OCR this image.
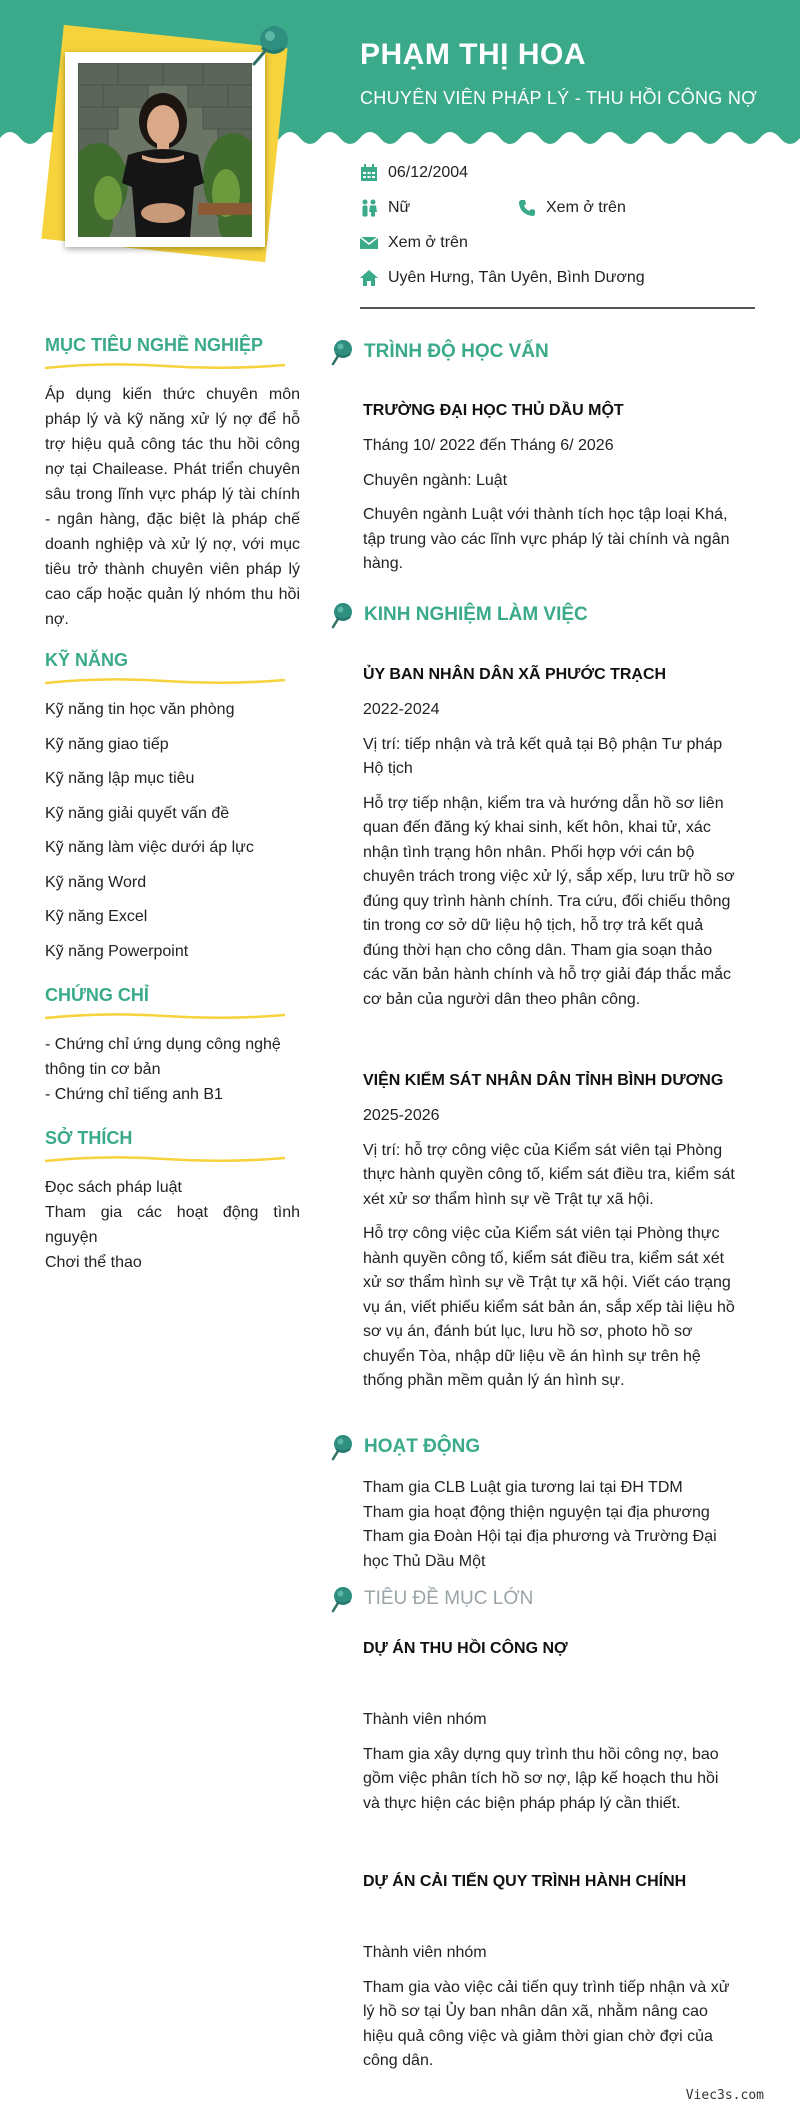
PHẠM THỊ HOA
CHUYÊN VIÊN PHÁP LÝ - THU HỒI CÔNG NỢ
06/12/2004
Nữ	Xem ở trên
Xem ở trên
Uyên Hưng, Tân Uyên, Bình Dương
MỤC TIÊU NGHỀ NGHIỆP
Áp dụng kiến thức chuyên môn pháp lý và kỹ năng xử lý nợ để hỗ trợ hiệu quả công tác thu hồi công nợ tại Chailease. Phát triển chuyên sâu trong lĩnh vực pháp lý tài chính - ngân hàng, đặc biệt là pháp chế doanh nghiệp và xử lý nợ, với mục tiêu trở thành chuyên viên pháp lý cao cấp hoặc quản lý nhóm thu hồi nợ.
KỸ NĂNG
Kỹ năng tin học văn phòng
Kỹ năng giao tiếp
Kỹ năng lập mục tiêu
Kỹ năng giải quyết vấn đề
Kỹ năng làm việc dưới áp lực
Kỹ năng Word
Kỹ năng Excel
Kỹ năng Powerpoint
CHỨNG CHỈ
- Chứng chỉ ứng dụng công nghệ thông tin cơ bản
- Chứng chỉ tiếng anh B1
SỞ THÍCH
Đọc sách pháp luật
Tham gia các hoạt động tình nguyện
Chơi thể thao
TRÌNH ĐỘ HỌC VẤN
TRƯỜNG ĐẠI HỌC THỦ DẦU MỘT
Tháng 10/ 2022 đến Tháng 6/ 2026
Chuyên ngành: Luật
Chuyên ngành Luật với thành tích học tập loại Khá, tập trung vào các lĩnh vực pháp lý tài chính và ngân hàng.
KINH NGHIỆM LÀM VIỆC
ỦY BAN NHÂN DÂN XÃ PHƯỚC TRẠCH
2022-2024
Vị trí: tiếp nhận và trả kết quả tại Bộ phận Tư pháp Hộ tịch
Hỗ trợ tiếp nhận, kiểm tra và hướng dẫn hồ sơ liên quan đến đăng ký khai sinh, kết hôn, khai tử, xác nhận tình trạng hôn nhân. Phối hợp với cán bộ chuyên trách trong việc xử lý, sắp xếp, lưu trữ hồ sơ đúng quy trình hành chính. Tra cứu, đối chiếu thông tin trong cơ sở dữ liệu hộ tịch, hỗ trợ trả kết quả đúng thời hạn cho công dân. Tham gia soạn thảo các văn bản hành chính và hỗ trợ giải đáp thắc mắc cơ bản của người dân theo phân công.
VIỆN KIỂM SÁT NHÂN DÂN TỈNH BÌNH DƯƠNG
2025-2026
Vị trí: hỗ trợ công việc của Kiểm sát viên tại Phòng thực hành quyền công tố, kiểm sát điều tra, kiểm sát xét xử sơ thẩm hình sự về Trật tự xã hội.
Hỗ trợ công việc của Kiểm sát viên tại Phòng thực hành quyền công tố, kiểm sát điều tra, kiểm sát xét xử sơ thẩm hình sự về Trật tự xã hội. Viết cáo trạng vụ án, viết phiếu kiểm sát bản án, sắp xếp tài liệu hồ sơ vụ án, đánh bút lục, lưu hồ sơ, photo hồ sơ chuyển Tòa, nhập dữ liệu về án hình sự trên hệ thống phần mềm quản lý án hình sự.
HOẠT ĐỘNG
Tham gia CLB Luật gia tương lai tại ĐH TDM
Tham gia hoạt động thiện nguyện tại địa phương
Tham gia Đoàn Hội tại địa phương và Trường Đại học Thủ Dầu Một
TIÊU ĐỀ MỤC LỚN
DỰ ÁN THU HỒI CÔNG NỢ
Thành viên nhóm
Tham gia xây dựng quy trình thu hồi công nợ, bao gồm việc phân tích hồ sơ nợ, lập kế hoạch thu hồi và thực hiện các biện pháp pháp lý cần thiết.
DỰ ÁN CẢI TIẾN QUY TRÌNH HÀNH CHÍNH
Thành viên nhóm
Tham gia vào việc cải tiến quy trình tiếp nhận và xử lý hồ sơ tại Ủy ban nhân dân xã, nhằm nâng cao hiệu quả công việc và giảm thời gian chờ đợi của công dân.
Viec3s.com
